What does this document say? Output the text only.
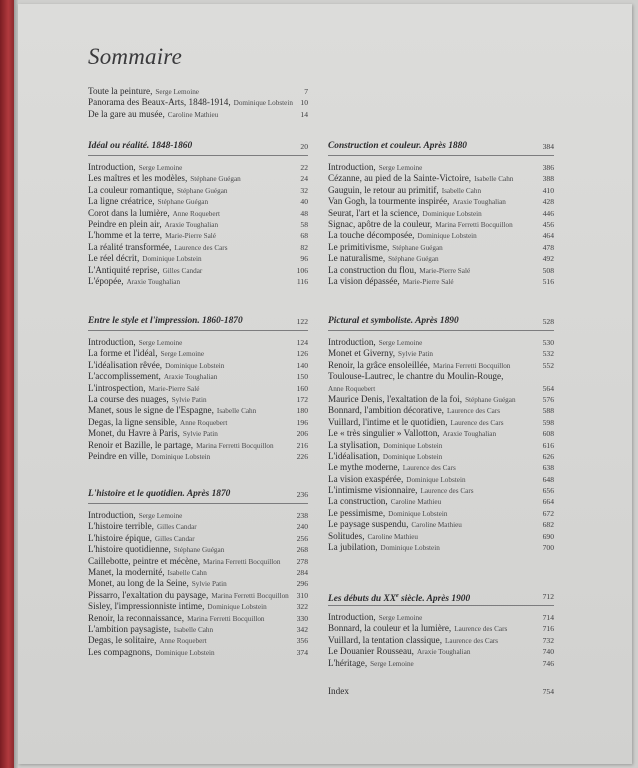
Sommaire
Toute la peinture, Serge Lemoine	7
Panorama des Beaux-Arts, 1848-1914, Dominique Lobstein 10
De la gare au musée, Caroline Mathieu	14
Idéal ou réalité. 1848-1860	20
Introduction, Serge Lemoine	22
Les maîtres et les modèles, Stéphane Guégan	24
La couleur romantique, Stéphane Guégan	32
La ligne créatrice, Stéphane Guégan	40
Corot dans la lumière, Anne Roquebert	48
Peindre en plein air, Araxie Toughalian	58
L'homme et la terre, Marie-Pierre Salé	68
La réalité transformée, Laurence des Cars	82
Le réel décrit, Dominique Lobstein	96
L'Antiquité reprise, Gilles Candar	106
L'épopée, Araxie Toughalian	116
Entre le style et l'impression. 1860-1870	122
Introduction, Serge Lemoine	124
La forme et l'idéal, Serge Lemoine	126
L'idéalisation rêvée, Dominique Lobstein	140
L'accomplissement, Araxie Toughalian	150
L'introspection, Marie-Pierre Salé	160
La course des nuages, Sylvie Patin	172
Manet, sous le signe de l'Espagne, Isabelle Cahn	180
Degas, la ligne sensible, Anne Roquebert	196
Monet, du Havre à Paris, Sylvie Patin	206
Renoir et Bazille, le partage, Marina Ferretti Bocquillon	216
Peindre en ville, Dominique Lobstein	226
L'histoire et le quotidien. Après 1870	236
Introduction, Serge Lemoine	238
L'histoire terrible, Gilles Candar	240
L'histoire épique, Gilles Candar	256
L'histoire quotidienne, Stéphane Guégan	268
Caillebotte, peintre et mécène, Marina Ferretti Bocquillon 278
Manet, la modernité, Isabelle Cahn	284
Monet, au long de la Seine, Sylvie Patin	296
Pissarro, l'exaltation du paysage, Marina Ferretti Bocquillon 310
Sisley, l'impressionniste intime, Dominique Lobstein	322
Renoir, la reconnaissance, Marina Ferretti Bocquillon	330
L'ambition paysagiste, Isabelle Cahn	342
Degas, le solitaire, Anne Roquebert	356
Les compagnons, Dominique Lobstein	374
Construction et couleur. Après 1880	384
Introduction, Serge Lemoine	386
Cézanne, au pied de la Sainte-Victoire, Isabelle Cahn	388
Gauguin, le retour au primitif, Isabelle Cahn	410
Van Gogh, la tourmente inspirée, Araxie Toughalian	428
Seurat, l'art et la science, Dominique Lobstein	446
Signac, apôtre de la couleur, Marina Ferretti Bocquillon	456
La touche décomposée, Dominique Lobstein	464
Le primitivisme, Stéphane Guégan	478
Le naturalisme, Stéphane Guégan	492
La construction du flou, Marie-Pierre Salé	508
La vision dépassée, Marie-Pierre Salé	516
Pictural et symboliste. Après 1890	528
Introduction, Serge Lemoine	530
Monet et Giverny, Sylvie Patin	532
Renoir, la grâce ensoleillée, Marina Ferretti Bocquillon	552
Toulouse-Lautrec, le chantre du Moulin-Rouge,
Anne Roquebert	564
Maurice Denis, l'exaltation de la foi, Stéphane Guégan	576
Bonnard, l'ambition décorative, Laurence des Cars	588
Vuillard, l'intime et le quotidien, Laurence des Cars	598
Le « très singulier » Vallotton, Araxie Toughalian	608
La stylisation, Dominique Lobstein	616
L'idéalisation, Dominique Lobstein	626
Le mythe moderne, Laurence des Cars	638
La vision exaspérée, Dominique Lobstein	648
L'intimisme visionnaire, Laurence des Cars	656
La construction, Caroline Mathieu	664
Le pessimisme, Dominique Lobstein	672
Le paysage suspendu, Caroline Mathieu	682
Solitudes, Caroline Mathieu	690
La jubilation, Dominique Lobstein	700
Les débuts du XXe siècle. Après 1900	712
Introduction, Serge Lemoine	714
Bonnard, la couleur et la lumière, Laurence des Cars	716
Vuillard, la tentation classique, Laurence des Cars	732
Le Douanier Rousseau, Araxie Toughalian	740
L'héritage, Serge Lemoine	746
Index	754
